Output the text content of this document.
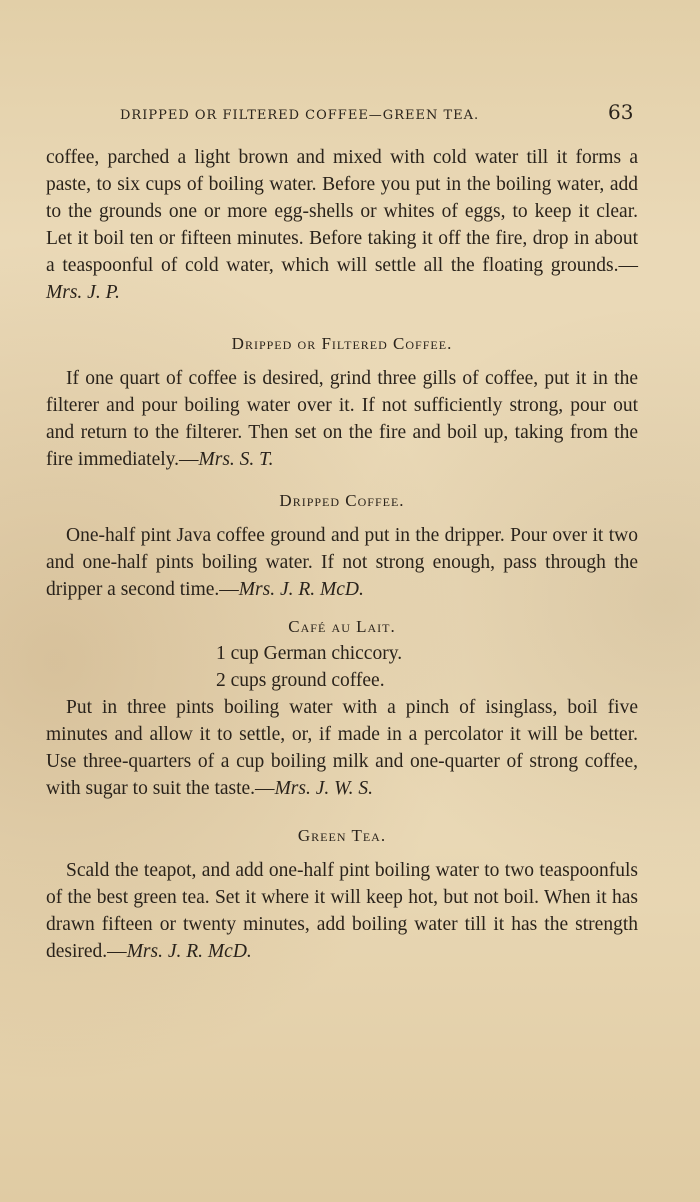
DRIPPED OR FILTERED COFFEE—GREEN TEA.	63

coffee, parched a light brown and mixed with cold water till it forms a paste, to six cups of boiling water. Before you put in the boiling water, add to the grounds one or more egg-shells or whites of eggs, to keep it clear. Let it boil ten or fifteen minutes. Before taking it off the fire, drop in about a teaspoonful of cold water, which will settle all the floating grounds.—Mrs. J. P.

Dripped or Filtered Coffee.

If one quart of coffee is desired, grind three gills of coffee, put it in the filterer and pour boiling water over it. If not sufficiently strong, pour out and return to the filterer. Then set on the fire and boil up, taking from the fire immediately.—Mrs. S. T.

Dripped Coffee.

One-half pint Java coffee ground and put in the dripper. Pour over it two and one-half pints boiling water. If not strong enough, pass through the dripper a second time.—Mrs. J. R. McD.

Café au Lait.
1 cup German chiccory.
2 cups ground coffee.

Put in three pints boiling water with a pinch of isinglass, boil five minutes and allow it to settle, or, if made in a percolator it will be better. Use three-quarters of a cup boiling milk and one-quarter of strong coffee, with sugar to suit the taste.—Mrs. J. W. S.

Green Tea.

Scald the teapot, and add one-half pint boiling water to two teaspoonfuls of the best green tea. Set it where it will keep hot, but not boil. When it has drawn fifteen or twenty minutes, add boiling water till it has the strength desired.—Mrs. J. R. McD.
